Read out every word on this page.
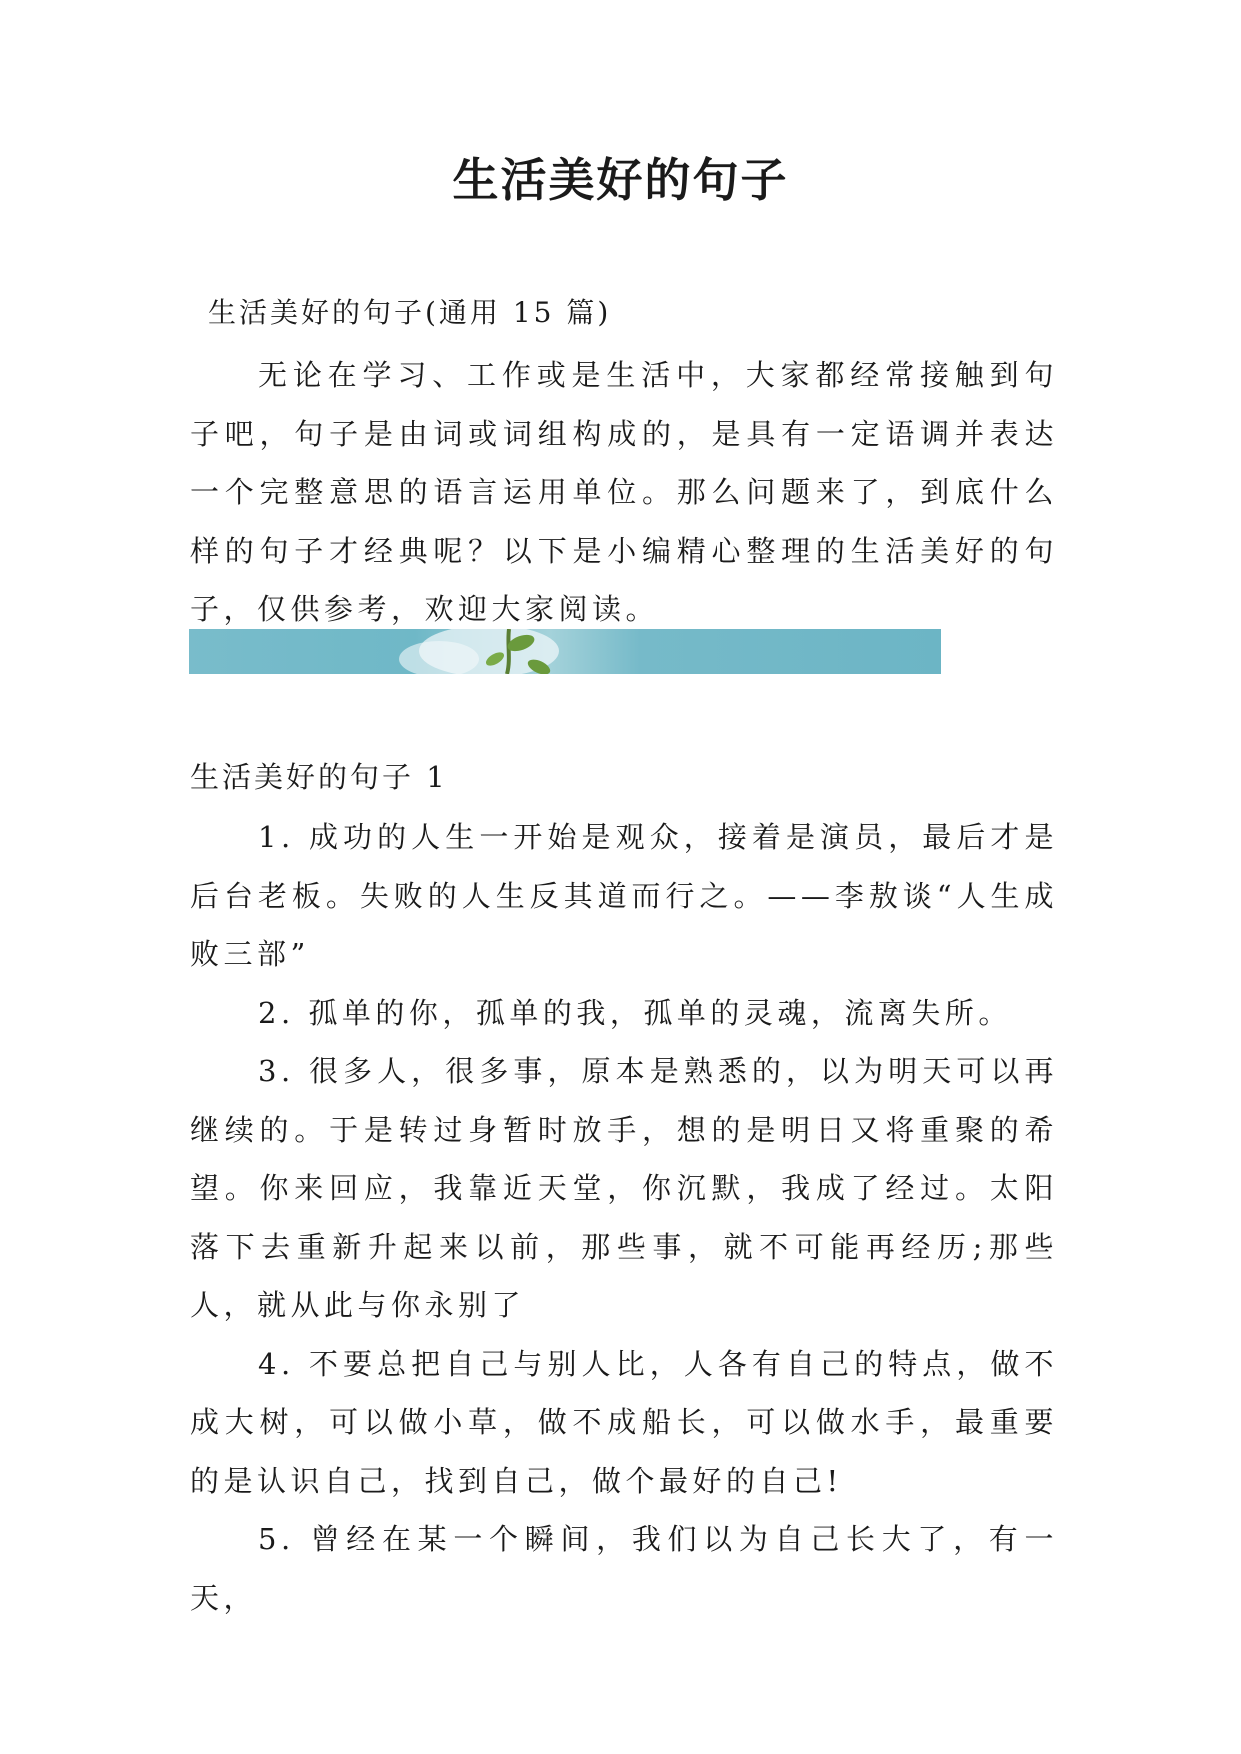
生活美好的句子
生活美好的句子(通用 15 篇)

无论在学习、工作或是生活中，大家都经常接触到句子吧，句子是由词或词组构成的，是具有一定语调并表达一个完整意思的语言运用单位。那么问题来了，到底什么样的句子才经典呢？以下是小编精心整理的生活美好的句子，仅供参考，欢迎大家阅读。

生活美好的句子 1

1. 成功的人生一开始是观众，接着是演员，最后才是后台老板。失败的人生反其道而行之。——李敖谈“人生成败三部”

2. 孤单的你，孤单的我，孤单的灵魂，流离失所。

3. 很多人，很多事，原本是熟悉的，以为明天可以再继续的。于是转过身暂时放手，想的是明日又将重聚的希望。你来回应，我靠近天堂，你沉默，我成了经过。太阳落下去重新升起来以前，那些事，就不可能再经历;那些人，就从此与你永别了

4. 不要总把自己与别人比，人各有自己的特点，做不成大树，可以做小草，做不成船长，可以做水手，最重要的是认识自己，找到自己，做个最好的自己!

5. 曾经在某一个瞬间，我们以为自己长大了，有一天，
